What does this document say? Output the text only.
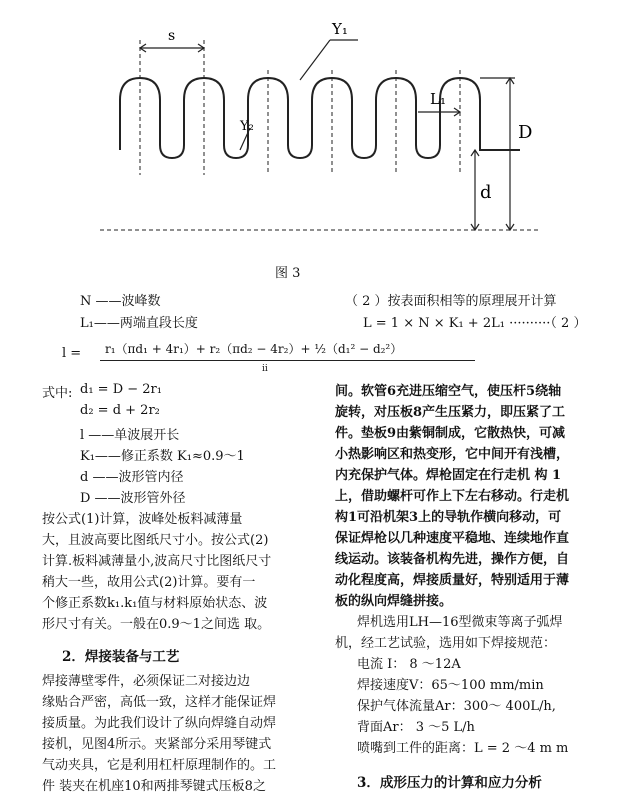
s	Y₁
Y₂
L₁
D
d
图 3
N ——波峰数
L₁——两端直段长度
（ 2 ）按表面积相等的原理展开计算
L = 1 × N × K₁ + 2L₁ ··········（ 2 ）
l = r₁（πd₁ + 4r₁）+ r₂（πd₂ − 4r₂）+ ½（d₁² − d₂²）
ii
式中: d₁ = D − 2r₁
d₂ = d + 2r₂
l ——单波展开长
K₁——修正系数 K₁≈0.9～1
d ——波形管内径
D ——波形管外径
按公式(1)计算，波峰处板料减薄量
大，且波高要比图纸尺寸小。按公式(2)
计算.板料减薄量小,波高尺寸比图纸尺寸
稍大一些，故用公式(2)计算。要有一
个修正系数k₁.k₁值与材料原始状态、波
形尺寸有关。一般在0.9～1之间选 取。
2．焊接装备与工艺
焊接薄壁零件，必须保证二对接边边
缘贴合严密，高低一致，这样才能保证焊
接质量。为此我们设计了纵向焊缝自动焊
接机，见图4所示。夹紧部分采用琴键式
气动夹具，它是利用杠杆原理制作的。工
件 装夹在机座10和两排琴键式压板8之
间。软管6充进压缩空气，使压杆5绕轴
旋转，对压板8产生压紧力，即压紧了工
件。垫板9由紫铜制成，它散热快，可减
小热影响区和热变形，它中间开有浅槽，
内充保护气体。焊枪固定在行走机 构 1
上，借助螺杆可作上下左右移动。行走机
构1可沿机架3上的导轨作横向移动，可
保证焊枪以几种速度平稳地、连续地作直
线运动。该装备机构先进，操作方便，自
动化程度高，焊接质量好，特别适用于薄
板的纵向焊缝拼接。
焊机选用LH—16型微束等离子弧焊
机，经工艺试验，选用如下焊接规范：
电流 I： 8 ～12A
焊接速度V：65～100 mm/min
保护气体流量Ar：300～ 400L/h,
背面Ar： 3 ～5 L/h
喷嘴到工件的距离：L = 2 ～4 m m
3．成形压力的计算和应力分析
